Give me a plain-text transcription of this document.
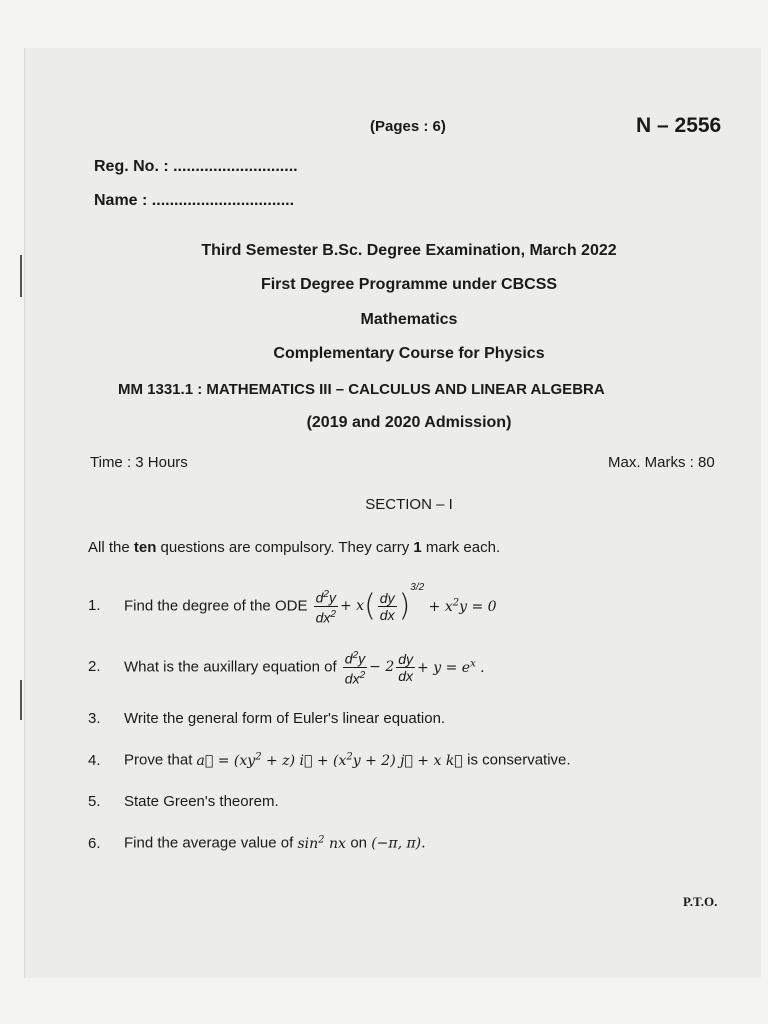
(Pages : 6)	N – 2556
Reg. No. : ............................
Name : ................................
Third Semester B.Sc. Degree Examination, March 2022
First Degree Programme under CBCSS
Mathematics
Complementary Course for Physics
MM 1331.1 : MATHEMATICS III – CALCULUS AND LINEAR ALGEBRA
(2019 and 2020 Admission)
Time : 3 Hours	Max. Marks : 80
SECTION – I
All the ten questions are compulsory. They carry 1 mark each.
1. Find the degree of the ODE $\frac{d^2y}{dx^2} + x( \frac{dy}{dx} )^{3/2} + x^2y = 0$
2. What is the auxillary equation of $\frac{d^2y}{dx^2} - 2 \frac{dy}{dx} + y = e^x$ .
3. Write the general form of Euler's linear equation.
4. Prove that a⃗ = $(xy^2 + z)$ i⃗ + $(x^2y + 2)$ j⃗ + x k⃗ is conservative.
5. State Green's theorem.
6. Find the average value of $\sin^2$ nx on (−π, π).
P.T.O.
